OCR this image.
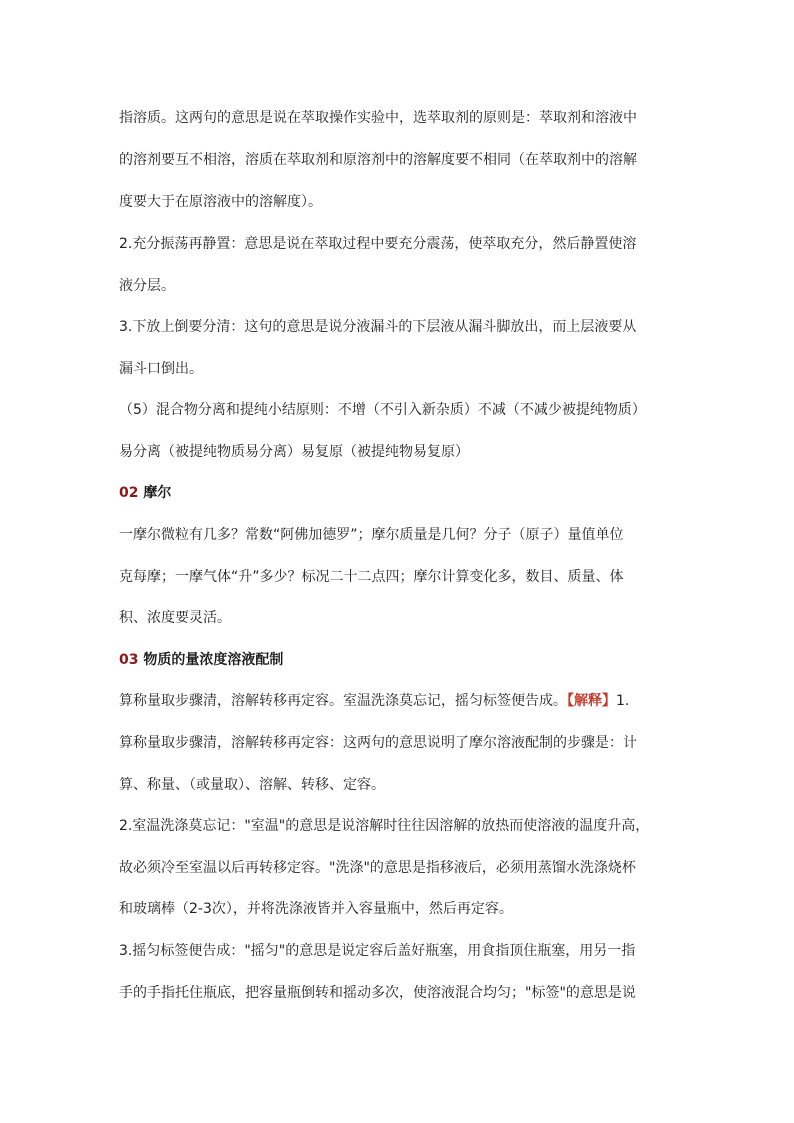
指溶质。这两句的意思是说在萃取操作实验中，选萃取剂的原则是：萃取剂和溶液中
的溶剂要互不相溶，溶质在萃取剂和原溶剂中的溶解度要不相同（在萃取剂中的溶解
度要大于在原溶液中的溶解度）。
2.充分振荡再静置：意思是说在萃取过程中要充分震荡，使萃取充分，然后静置使溶
液分层。
3.下放上倒要分清：这句的意思是说分液漏斗的下层液从漏斗脚放出，而上层液要从
漏斗口倒出。
（5）混合物分离和提纯小结原则：不增（不引入新杂质）不减（不减少被提纯物质）
易分离（被提纯物质易分离）易复原（被提纯物易复原）
02 摩尔
一摩尔微粒有几多？常数“阿佛加德罗”；摩尔质量是几何？分子（原子）量值单位
克每摩；一摩气体“升”多少？标况二十二点四；摩尔计算变化多，数目、质量、体
积、浓度要灵活。
03 物质的量浓度溶液配制
算称量取步骤清，溶解转移再定容。室温洗涤莫忘记，摇匀标签便告成。【解释】1.
算称量取步骤清，溶解转移再定容：这两句的意思说明了摩尔溶液配制的步骤是：计
算、称量、（或量取）、溶解、转移、定容。
2.室温洗涤莫忘记："室温"的意思是说溶解时往往因溶解的放热而使溶液的温度升高，
故必须冷至室温以后再转移定容。"洗涤"的意思是指移液后，必须用蒸馏水洗涤烧杯
和玻璃棒（2-3次），并将洗涤液皆并入容量瓶中，然后再定容。
3.摇匀标签便告成："摇匀"的意思是说定容后盖好瓶塞，用食指顶住瓶塞，用另一指
手的手指托住瓶底，把容量瓶倒转和摇动多次，使溶液混合均匀；"标签"的意思是说
